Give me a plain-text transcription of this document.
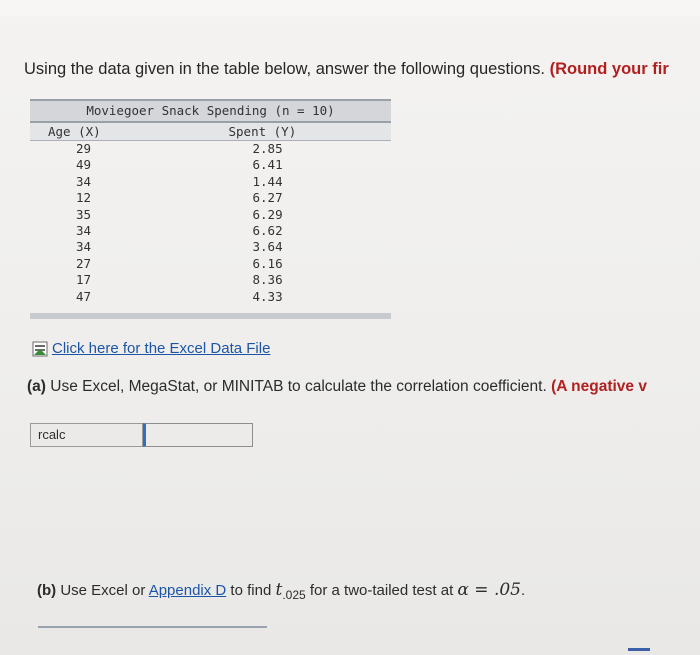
Using the data given in the table below, answer the following questions. (Round your fir
Moviegoer Snack Spending (n = 10)
Age (X)	Spent (Y)
29	2.85
49	6.41
34	1.44
12	6.27
35	6.29
34	6.62
34	3.64
27	6.16
17	8.36
47	4.33
Click here for the Excel Data File
(a) Use Excel, MegaStat, or MINITAB to calculate the correlation coefficient. (A negative v
rcalc
(b) Use Excel or Appendix D to find $t_{.025}$ for a two-tailed test at α = .05.
